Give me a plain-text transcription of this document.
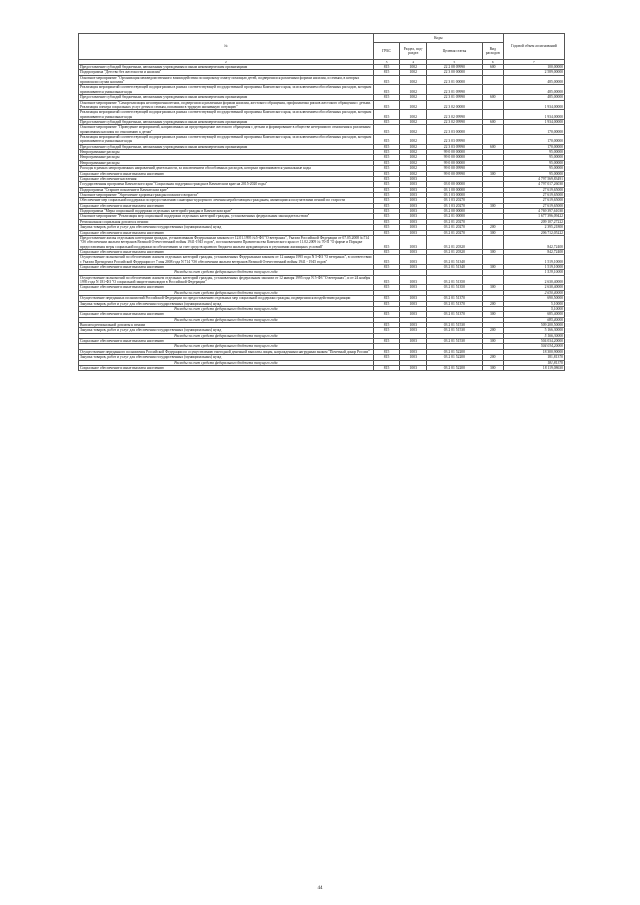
№	Коды				Годовой объем ассигнований
	ГРБС	Раздел, под-раздел	Целевая статья	Вид расходов	
2	3	4	5	6	7
Предоставление субсидий бюджетным, автономным учреждениям и иным некоммерческим организациям	815	1002	22 2 08 09990	600	100,00000
Подпрограмма "Детство без жестокости и насилия"	815	1002	22 3 00 00000		2 589,00000
Основное мероприятие "Организация межведомственного взаимодействия по широкому охвату помощью детей, подвергшихся различным формам насилия, и семьям, в которых произошли случаи насилия"	815	1002	22 3 01 00000		485,00000
Реализация мероприятий соответствующей подпрограммы в рамках соответствующей государственной программы Камчатского края, за исключением обособленных расходов, которым присваиваются уникальные коды	815	1002	22 3 01 09990		485,00000
Предоставление субсидий бюджетным, автономным учреждениям и иным некоммерческим организациям	815	1002	22 3 01 09990	600	485,00000
Основное мероприятие "Самореализация несовершеннолетних, подвергшихся различным формам насилия, жестокого обращения, профилактика рисков жестокого обращения с детьми. Реализация спектра социальных услуг детям и семьям, попавшим в трудную жизненную ситуацию"	815	1002	22 3 02 00000		1 934,00000
Реализация мероприятий соответствующей подпрограммы в рамках соответствующей государственной программы Камчатского края, за исключением обособленных расходов, которым присваиваются уникальные коды	815	1002	22 3 02 09990		1 934,00000
Предоставление субсидий бюджетным, автономным учреждениям и иным некоммерческим организациям	815	1002	22 3 02 09990	600	1 934,00000
Основное мероприятие "Проведение мероприятий, направленных на предотвращение жестокого обращения с детьми и формирование в обществе нетерпимого отношения к различным проявлениям насилия по отношению к детям"	815	1002	22 3 03 00000		170,00000
Реализация мероприятий соответствующей подпрограммы в рамках соответствующей государственной программы Камчатского края, за исключением обособленных расходов, которым присваиваются уникальные коды	815	1002	22 3 03 09990		170,00000
Предоставление субсидий бюджетным, автономным учреждениям и иным некоммерческим организациям	815	1002	22 3 03 09990	600	170,00000
Непрограммные расходы	815	1002	99 0 00 00000		95,00000
Непрограммные расходы	815	1002	99 0 00 00000		95,00000
Непрограммные расходы	815	1002	99 0 00 00000		95,00000
Расходы в рамках непрограммных направлений деятельности, за исключением обособленных расходов, которым присваиваются уникальные коды	815	1002	99 0 00 09990		95,00000
Социальное обеспечение и иные выплаты населению	815	1002	99 0 00 09990	300	95,00000
Социальное обеспечение населения	815	1003			4 797 569,83491
Государственная программа Камчатского края "Социальная поддержка граждан в Камчатском крае на 2015-2020 годы"	815	1003	03 0 00 00000		4 797 017,26030
Подпрограмма "Старшее поколение в Камчатском крае"	815	1003	03 1 00 00000		27 619,65000
Основное мероприятие "Укрепление здоровья граждан пожилого возраста"	815	1003	03 1 03 00000		27 619,65000
Обеспечение мер социальной поддержки по предоставлению санаторно-курортного лечения неработающим гражданам, являющимся получателями пенсий по старости	815	1003	03 1 03 20270		27 619,65000
Социальное обеспечение и иные выплаты населению	815	1003	03 1 03 20270	300	27 619,65000
Подпрограмма "Меры социальной поддержки отдельных категорий граждан в Камчатском крае"	815	1003	03 2 00 00000		4 769 397,61030
Основное мероприятие "Реализация мер социальной поддержки отдельных категорий граждан, установленных федеральным законодательством"	815	1003	03 2 01 00000		1 677 396,09422
Региональная социальная доплата к пенсии	815	1003	03 2 01 20270		209 107,27222
Закупка товаров, работ и услуг для обеспечения государственных (муниципальных) нужд	815	1003	03 2 01 20270	200	2 395,21800
Социальное обеспечение и иные выплаты населению	815	1003	03 2 01 20270	300	206 712,05222
Предоставление жилья отдельным категориям граждан, установленным Федеральным законом от 12.01.1995 №5-ФЗ "О ветеранах", Указом Российской Федерации от 07.05.2008 №714 "Об обеспечении жильем ветеранов Великой Отечественной войны 1941-1945 годов", постановлением Правительства Камчатского края от 11.02.2009 № 70-П "О форме и Порядке предоставления меры социальной поддержки по обеспечению за счет средств краевого бюджета жильем нуждающихся в улучшении жилищных условий"	815	1003	03 2 01 20320		842,72400
Социальное обеспечение и иные выплаты населению	815	1003	03 2 01 20320	300	842,72400
Осуществление полномочий по обеспечению жильем отдельных категорий граждан, установленных Федеральным законом от 12 января 1995 года N 5-ФЗ "О ветеранах", в соответствии с Указом Президента Российской Федерации от 7 мая 2008 года N 714 "Об обеспечении жильем ветеранов Великой Отечественной войны 1941 - 1945 годов"	815	1003	03 2 01 51340		1 519,10000
Социальное обеспечение и иные выплаты населению	815	1003	03 2 01 51340	300	1 519,10000
Расходы за счет средств федерального бюджета текущего года					1 519,10000
Осуществление полномочий по обеспечению жильем отдельных категорий граждан, установленных федеральным законом от 12 января 1995 года N 5-ФЗ "О ветеранах", и от 24 ноября 1995 года N 181-ФЗ "О социальной защите инвалидов в Российской Федерации"	815	1003	03 2 01 51350		2 630,40000
Социальное обеспечение и иные выплаты населению	815	1003	03 2 01 51350	300	2 630,40000
Расходы за счет средств федерального бюджета текущего года					2 630,40000
Осуществление переданных полномочий Российской Федерации по предоставлению отдельных мер социальной поддержки граждан, подвергшихся воздействию радиации	815	1003	03 2 01 51370		690,50000
Закупка товаров, работ и услуг для обеспечения государственных (муниципальных) нужд	815	1003	03 2 01 51370	200	5,10000
Расходы за счет средств федерального бюджета текущего года					5,10000
Социальное обеспечение и иные выплаты населению	815	1003	03 2 01 51370	300	685,40000
Расходы за счет средств федерального бюджета текущего года					685,40000
Выплата региональной доплаты к пенсии	815	1003	03 2 01 51530		509 200,50000
Закупка товаров, работ и услуг для обеспечения государственных (муниципальных) нужд	815	1003	03 2 01 51530	200	5 166,30000
Расходы за счет средств федерального бюджета текущего года					5 166,30000
Социальное обеспечение и иные выплаты населению	815	1003	03 2 01 51530	300	504 034,20000
Расходы за счет средств федерального бюджета текущего года					504 034,20000
Осуществление переданного полномочия Российской Федерации по осуществлению ежегодной денежной выплаты лицам, награжденным нагрудным знаком "Почетный донор России"	815	1003	03 2 01 52200		18 300,90000
Закупка товаров, работ и услуг для обеспечения государственных (муниципальных) нужд	815	1003	03 2 01 52200	200	181,81370
Расходы за счет средств федерального бюджета текущего года					181,81370
Социальное обеспечение и иные выплаты населению	815	1003	03 2 01 52200	300	18 119,08630
44
